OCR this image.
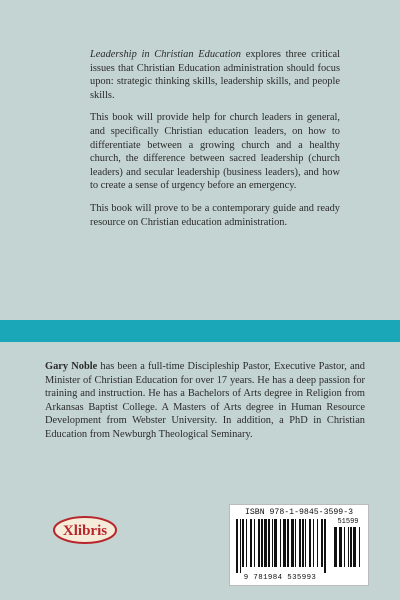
Leadership in Christian Education explores three critical issues that Christian Education administration should focus upon: strategic thinking skills, leadership skills, and people skills.

This book will provide help for church leaders in general, and specifically Christian education leaders, on how to differentiate between a growing church and a healthy church, the difference between sacred leadership (church leaders) and secular leadership (business leaders), and how to create a sense of urgency before an emergency.

This book will prove to be a contemporary guide and ready resource on Christian education administration.

Gary Noble has been a full-time Discipleship Pastor, Executive Pastor, and Minister of Christian Education for over 17 years. He has a deep passion for training and instruction. He has a Bachelors of Arts degree in Religion from Arkansas Baptist College. A Masters of Arts degree in Human Resource Development from Webster University. In addition, a PhD in Christian Education from Newburgh Theological Seminary.
Xlibris
ISBN 978-1-9845-3599-3
51599
9 781984 535993
